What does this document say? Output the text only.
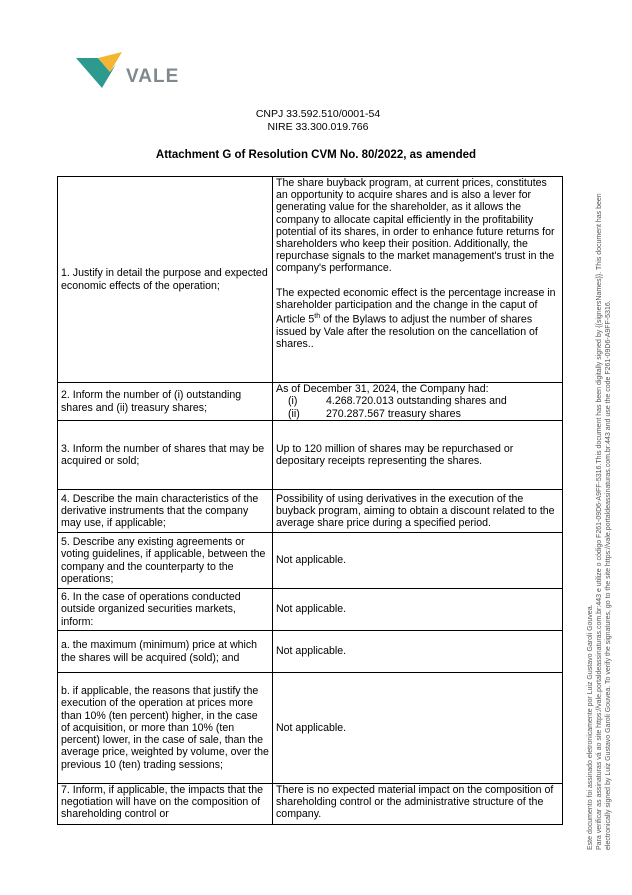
VALE
CNPJ 33.592.510/0001-54
NIRE 33.300.019.766
Attachment G of Resolution CVM No. 80/2022, as amended
1. Justify in detail the purpose and expected economic effects of the operation;	The share buyback program, at current prices, constitutes an opportunity to acquire shares and is also a lever for generating value for the shareholder, as it allows the company to allocate capital efficiently in the profitability potential of its shares, in order to enhance future returns for shareholders who keep their position. Additionally, the repurchase signals to the market management's trust in the company's performance.

The expected economic effect is the percentage increase in shareholder participation and the change in the caput of Article 5th of the Bylaws to adjust the number of shares issued by Vale after the resolution on the cancellation of shares..

2. Inform the number of (i) outstanding shares and (ii) treasury shares;	As of December 31, 2024, the Company had:
(i) 4.268.720.013 outstanding shares and
(ii) 270.287.567 treasury shares

3. Inform the number of shares that may be acquired or sold;	Up to 120 million of shares may be repurchased or depositary receipts representing the shares.
4. Describe the main characteristics of the derivative instruments that the company may use, if applicable;	Possibility of using derivatives in the execution of the buyback program, aiming to obtain a discount related to the average share price during a specified period.
5. Describe any existing agreements or voting guidelines, if applicable, between the company and the counterparty to the operations;	Not applicable.
6. In the case of operations conducted outside organized securities markets, inform:	Not applicable.
a. the maximum (minimum) price at which the shares will be acquired (sold); and	Not applicable.
b. if applicable, the reasons that justify the execution of the operation at prices more than 10% (ten percent) higher, in the case of acquisition, or more than 10% (ten percent) lower, in the case of sale, than the average price, weighted by volume, over the previous 10 (ten) trading sessions;	Not applicable.
7. Inform, if applicable, the impacts that the negotiation will have on the composition of shareholding control or	There is no expected material impact on the composition of shareholding control or the administrative structure of the company.	Este documento foi assinado eletronicamente por Luiz Gustavo Garoli Gouvea. Para verificar as assinaturas vá ao site https://vale.portaldeassinaturas.com.br:443 e utilize o código F261-09D6-A9FF-5316.This document has been digitally signed by {{signersNames}}. This document has been electronically signed by Luiz Gustavo Garoli Gouvea. To verify the signatures, go to the site https://vale.portaldeassinaturas.com.br:443 and use the code F261-09D6-A9FF-5316.
